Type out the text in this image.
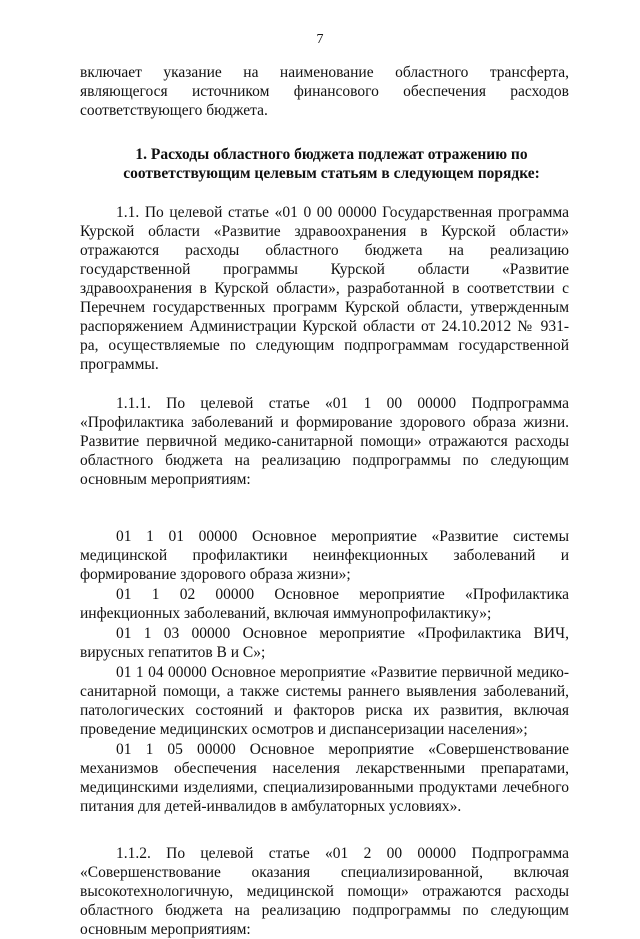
7

включает указание на наименование областного трансферта, являющегося источником финансового обеспечения расходов соответствующего бюджета.

1. Расходы областного бюджета подлежат отражению по соответствующим целевым статьям в следующем порядке:

1.1. По целевой статье «01 0 00 00000 Государственная программа Курской области «Развитие здравоохранения в Курской области» отражаются расходы областного бюджета на реализацию государственной программы Курской области «Развитие здравоохранения в Курской области», разработанной в соответствии с Перечнем государственных программ Курской области, утвержденным распоряжением Администрации Курской области от 24.10.2012 № 931-ра, осуществляемые по следующим подпрограммам государственной программы.

1.1.1. По целевой статье «01 1 00 00000 Подпрограмма «Профилактика заболеваний и формирование здорового образа жизни. Развитие первичной медико-санитарной помощи» отражаются расходы областного бюджета на реализацию подпрограммы по следующим основным мероприятиям:

01 1 01 00000 Основное мероприятие «Развитие системы медицинской профилактики неинфекционных заболеваний и формирование здорового образа жизни»;

01 1 02 00000 Основное мероприятие «Профилактика инфекционных заболеваний, включая иммунопрофилактику»;

01 1 03 00000 Основное мероприятие «Профилактика ВИЧ, вирусных гепатитов В и С»;

01 1 04 00000 Основное мероприятие «Развитие первичной медико-санитарной помощи, а также системы раннего выявления заболеваний, патологических состояний и факторов риска их развития, включая проведение медицинских осмотров и диспансеризации населения»;

01 1 05 00000 Основное мероприятие «Совершенствование механизмов обеспечения населения лекарственными препаратами, медицинскими изделиями, специализированными продуктами лечебного питания для детей-инвалидов в амбулаторных условиях».

1.1.2. По целевой статье «01 2 00 00000 Подпрограмма «Совершенствование оказания специализированной, включая высокотехнологичную, медицинской помощи» отражаются расходы областного бюджета на реализацию подпрограммы по следующим основным мероприятиям:
